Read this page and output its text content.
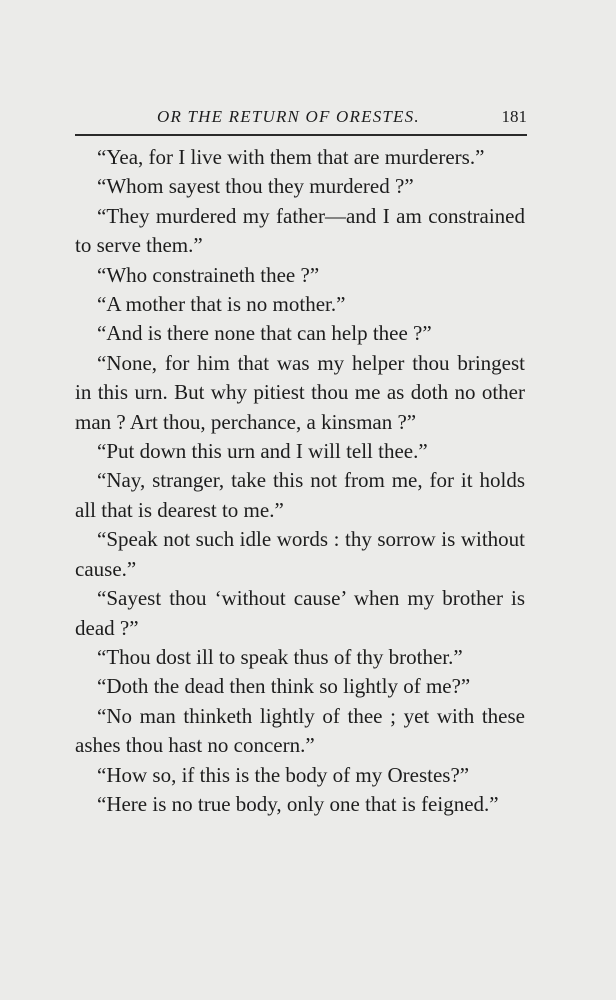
OR THE RETURN OF ORESTES.	181

“Yea, for I live with them that are murderers.”

“Whom sayest thou they murdered ?”

“They murdered my father—and I am constrained to serve them.”

“Who constraineth thee ?”

“A mother that is no mother.”

“And is there none that can help thee ?”

“None, for him that was my helper thou bringest in this urn. But why pitiest thou me as doth no other man ? Art thou, perchance, a kinsman ?”

“Put down this urn and I will tell thee.”

“Nay, stranger, take this not from me, for it holds all that is dearest to me.”

“Speak not such idle words : thy sorrow is without cause.”

“Sayest thou ‘without cause’ when my brother is dead ?”

“Thou dost ill to speak thus of thy brother.”

“Doth the dead then think so lightly of me?”

“No man thinketh lightly of thee ; yet with these ashes thou hast no concern.”

“How so, if this is the body of my Orestes?”

“Here is no true body, only one that is feigned.”
